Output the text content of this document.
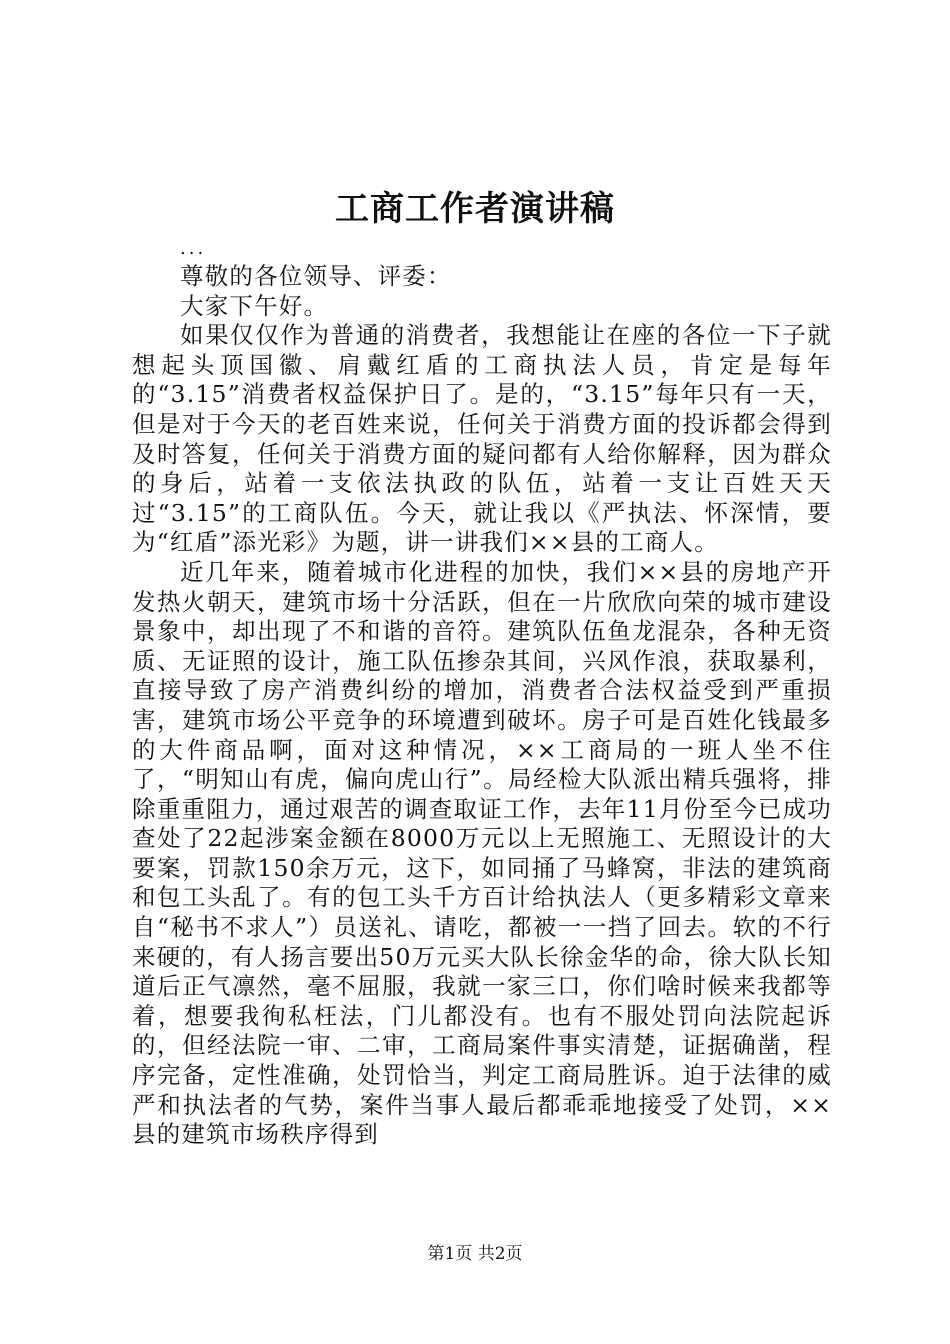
工商工作者演讲稿
...

尊敬的各位领导、评委：

大家下午好。

如果仅仅作为普通的消费者，我想能让在座的各位一下子就想起头顶国徽、肩戴红盾的工商执法人员，肯定是每年的“3.15”消费者权益保护日了。是的，“3.15”每年只有一天，但是对于今天的老百姓来说，任何关于消费方面的投诉都会得到及时答复，任何关于消费方面的疑问都有人给你解释，因为群众的身后，站着一支依法执政的队伍，站着一支让百姓天天过“3.15”的工商队伍。今天，就让我以《严执法、怀深情，要为“红盾”添光彩》为题，讲一讲我们××县的工商人。

近几年来，随着城市化进程的加快，我们××县的房地产开发热火朝天，建筑市场十分活跃，但在一片欣欣向荣的城市建设景象中，却出现了不和谐的音符。建筑队伍鱼龙混杂，各种无资质、无证照的设计，施工队伍掺杂其间，兴风作浪，获取暴利，直接导致了房产消费纠纷的增加，消费者合法权益受到严重损害，建筑市场公平竞争的环境遭到破坏。房子可是百姓化钱最多的大件商品啊，面对这种情况，××工商局的一班人坐不住了，“明知山有虎，偏向虎山行”。局经检大队派出精兵强将，排除重重阻力，通过艰苦的调查取证工作，去年11月份至今已成功查处了22起涉案金额在8000万元以上无照施工、无照设计的大要案，罚款150余万元，这下，如同捅了马蜂窝，非法的建筑商和包工头乱了。有的包工头千方百计给执法人（更多精彩文章来自“秘书不求人”）员送礼、请吃，都被一一挡了回去。软的不行来硬的，有人扬言要出50万元买大队长徐金华的命，徐大队长知道后正气凛然，毫不屈服，我就一家三口，你们啥时候来我都等着，想要我徇私枉法，门儿都没有。也有不服处罚向法院起诉的，但经法院一审、二审，工商局案件事实清楚，证据确凿，程序完备，定性准确，处罚恰当，判定工商局胜诉。迫于法律的威严和执法者的气势，案件当事人最后都乖乖地接受了处罚，××县的建筑市场秩序得到

第1页 共2页
